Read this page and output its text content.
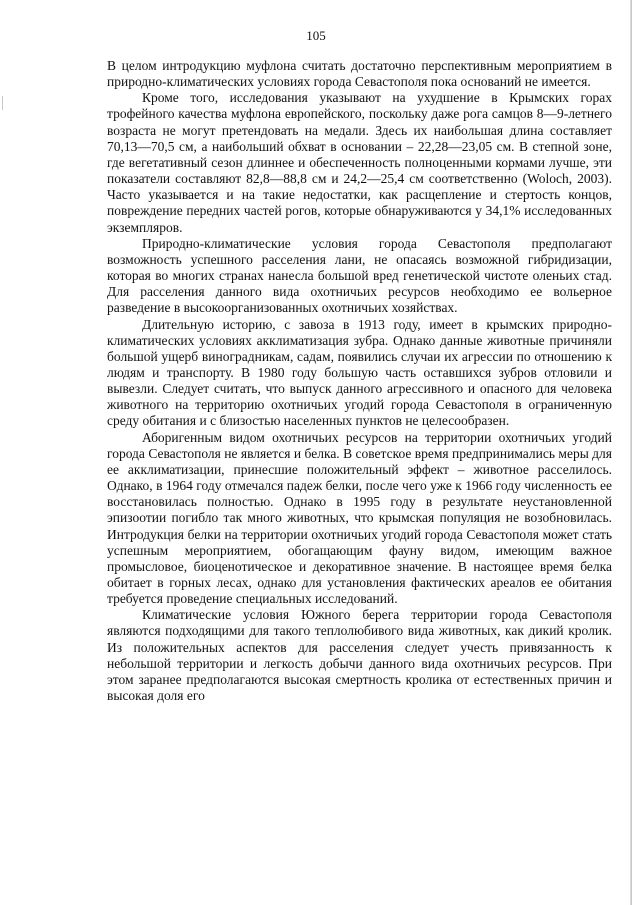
105

В целом интродукцию муфлона считать достаточно перспективным мероприятием в природно-климатических условиях города Севастополя пока оснований не имеется.

Кроме того, исследования указывают на ухудшение в Крымских горах трофейного качества муфлона европейского, поскольку даже рога самцов 8—9-летнего возраста не могут претендовать на медали. Здесь их наибольшая длина составляет 70,13—70,5 см, а наибольший обхват в основании – 22,28—23,05 см. В степной зоне, где вегетативный сезон длиннее и обеспеченность полноценными кормами лучше, эти показатели составляют 82,8—88,8 см и 24,2—25,4 см соответственно (Woloch, 2003). Часто указывается и на такие недостатки, как расщепление и стертость концов, повреждение передних частей рогов, которые обнаруживаются у 34,1% исследованных экземпляров.

Природно-климатические условия города Севастополя предполагают возможность успешного расселения лани, не опасаясь возможной гибридизации, которая во многих странах нанесла большой вред генетической чистоте оленьих стад. Для расселения данного вида охотничьих ресурсов необходимо ее вольерное разведение в высокоорганизованных охотничьих хозяйствах.

Длительную историю, с завоза в 1913 году, имеет в крымских природно-климатических условиях акклиматизация зубра. Однако данные животные причиняли большой ущерб виноградникам, садам, появились случаи их агрессии по отношению к людям и транспорту. В 1980 году большую часть оставшихся зубров отловили и вывезли. Следует считать, что выпуск данного агрессивного и опасного для человека животного на территорию охотничьих угодий города Севастополя в ограниченную среду обитания и с близостью населенных пунктов не целесообразен.

Аборигенным видом охотничьих ресурсов на территории охотничьих угодий города Севастополя не является и белка. В советское время предпринимались меры для ее акклиматизации, принесшие положительный эффект – животное расселилось. Однако, в 1964 году отмечался падеж белки, после чего уже к 1966 году численность ее восстановилась полностью. Однако в 1995 году в результате неустановленной эпизоотии погибло так много животных, что крымская популяция не возобновилась. Интродукция белки на территории охотничьих угодий города Севастополя может стать успешным мероприятием, обогащающим фауну видом, имеющим важное промысловое, биоценотическое и декоративное значение. В настоящее время белка обитает в горных лесах, однако для установления фактических ареалов ее обитания требуется проведение специальных исследований.

Климатические условия Южного берега территории города Севастополя являются подходящими для такого теплолюбивого вида животных, как дикий кролик. Из положительных аспектов для расселения следует учесть привязанность к небольшой территории и легкость добычи данного вида охотничьих ресурсов. При этом заранее предполагаются высокая смертность кролика от естественных причин и высокая доля его
